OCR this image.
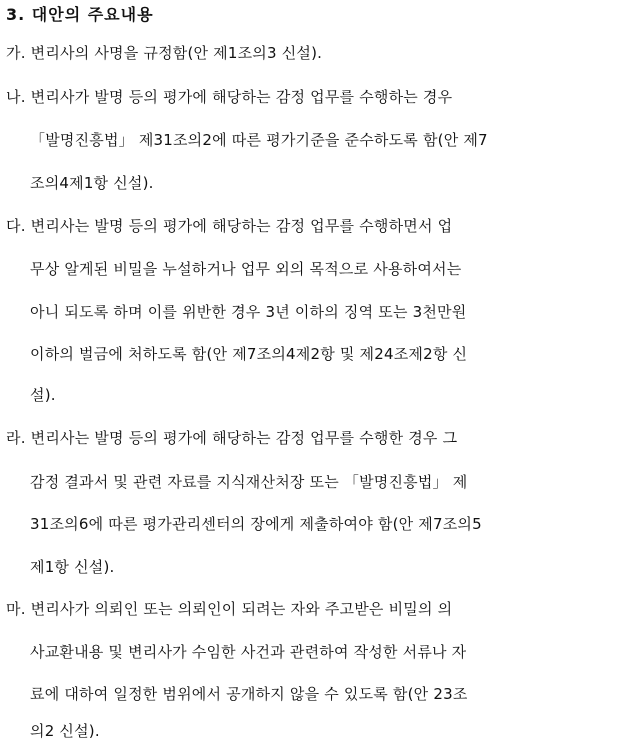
3. 대안의 주요내용
가. 변리사의 사명을 규정함(안 제1조의3 신설).
나. 변리사가 발명 등의 평가에 해당하는 감정 업무를 수행하는 경우
「발명진흥법」 제31조의2에 따른 평가기준을 준수하도록 함(안 제7
조의4제1항 신설).
다. 변리사는 발명 등의 평가에 해당하는 감정 업무를 수행하면서 업
무상 알게된 비밀을 누설하거나 업무 외의 목적으로 사용하여서는
아니 되도록 하며 이를 위반한 경우 3년 이하의 징역 또는 3천만원
이하의 벌금에 처하도록 함(안 제7조의4제2항 및 제24조제2항 신
설).
라. 변리사는 발명 등의 평가에 해당하는 감정 업무를 수행한 경우 그
감정 결과서 및 관련 자료를 지식재산처장 또는 「발명진흥법」 제
31조의6에 따른 평가관리센터의 장에게 제출하여야 함(안 제7조의5
제1항 신설).
마. 변리사가 의뢰인 또는 의뢰인이 되려는 자와 주고받은 비밀의 의
사교환내용 및 변리사가 수임한 사건과 관련하여 작성한 서류나 자
료에 대하여 일정한 범위에서 공개하지 않을 수 있도록 함(안 23조
의2 신설).
